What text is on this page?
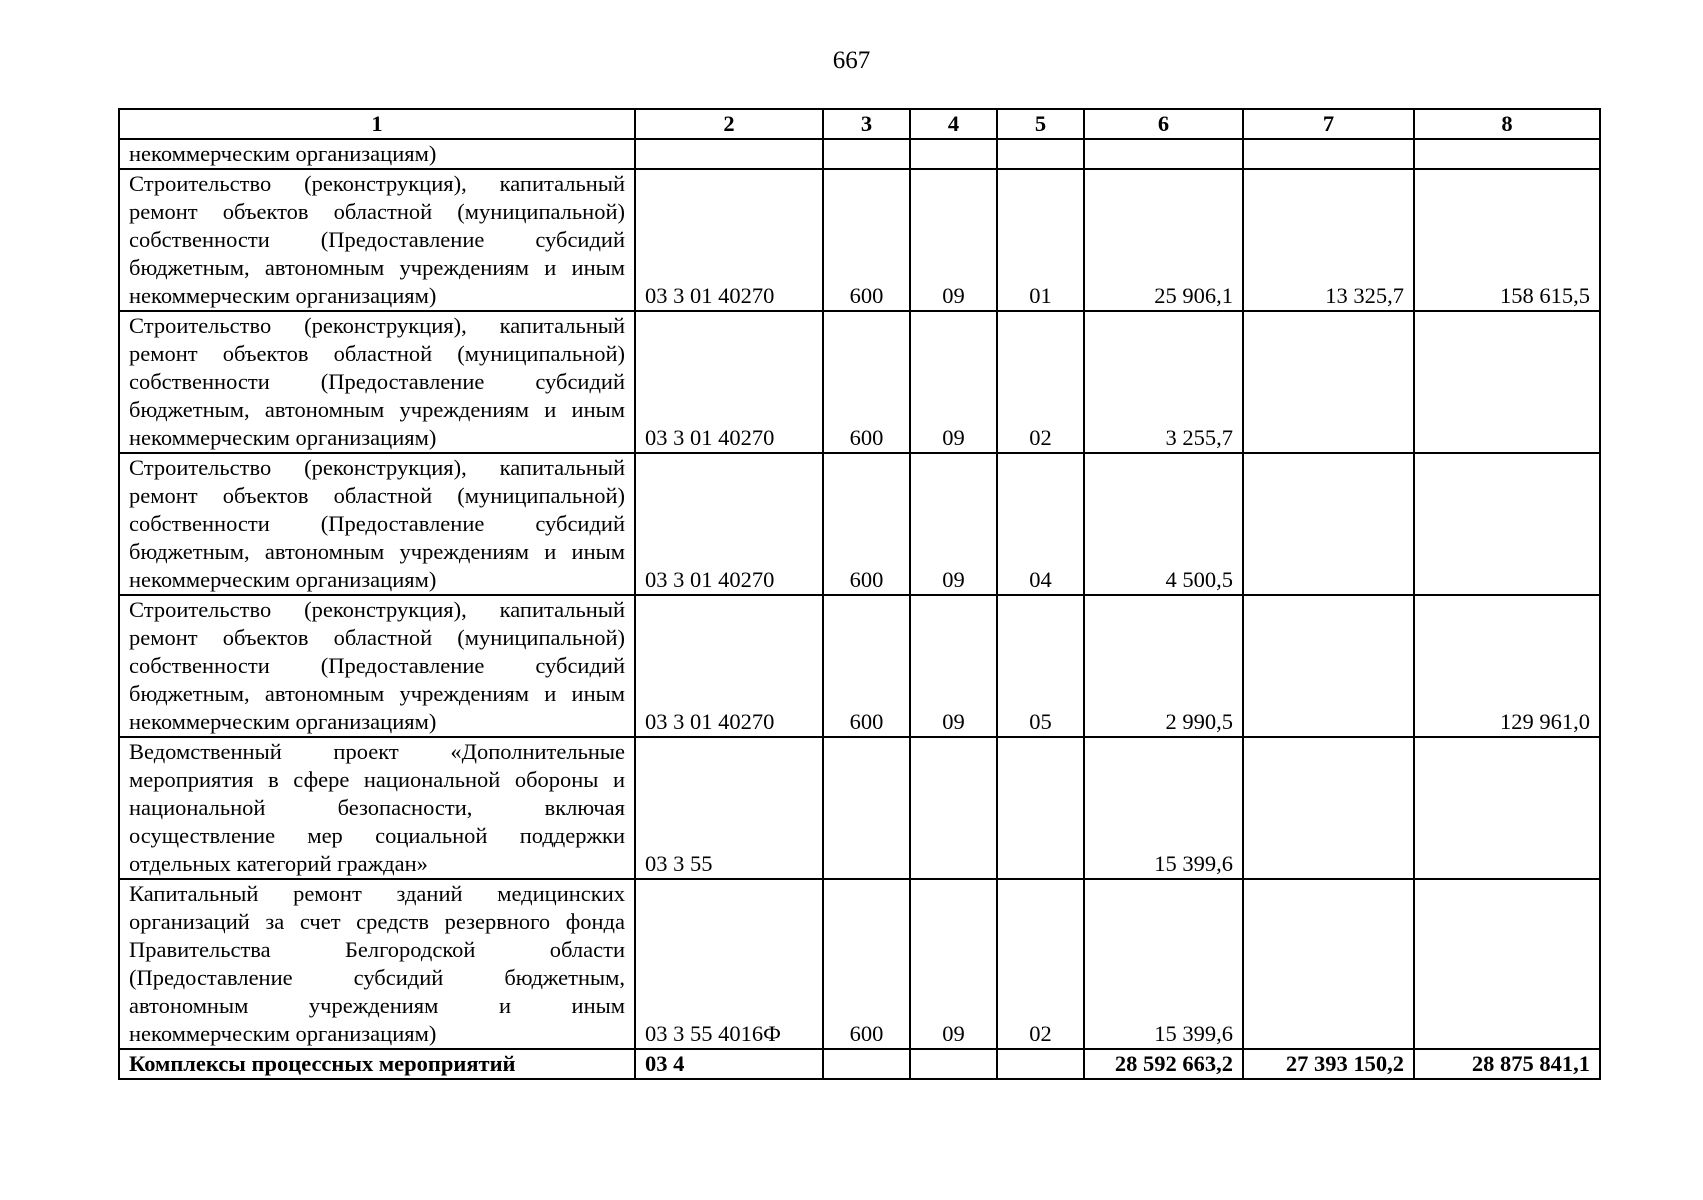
667
1	2	3	4	5	6	7	8
некоммерческим организациям)							
Строительство (реконструкция), капитальный ремонт объектов областной (муниципальной) собственности (Предоставление субсидий бюджетным, автономным учреждениям и иным некоммерческим организациям)	03 3 01 40270	600	09	01	25 906,1	13 325,7	158 615,5
Строительство (реконструкция), капитальный ремонт объектов областной (муниципальной) собственности (Предоставление субсидий бюджетным, автономным учреждениям и иным некоммерческим организациям)	03 3 01 40270	600	09	02	3 255,7		
Строительство (реконструкция), капитальный ремонт объектов областной (муниципальной) собственности (Предоставление субсидий бюджетным, автономным учреждениям и иным некоммерческим организациям)	03 3 01 40270	600	09	04	4 500,5		
Строительство (реконструкция), капитальный ремонт объектов областной (муниципальной) собственности (Предоставление субсидий бюджетным, автономным учреждениям и иным некоммерческим организациям)	03 3 01 40270	600	09	05	2 990,5		129 961,0
Ведомственный проект «Дополнительные мероприятия в сфере национальной обороны и национальной безопасности, включая осуществление мер социальной поддержки отдельных категорий граждан»	03 3 55				15 399,6		
Капитальный ремонт зданий медицинских организаций за счет средств резервного фонда Правительства Белгородской области (Предоставление субсидий бюджетным, автономным учреждениям и иным некоммерческим организациям)	03 3 55 4016Ф	600	09	02	15 399,6		
Комплексы процессных мероприятий	03 4				28 592 663,2	27 393 150,2	28 875 841,1
